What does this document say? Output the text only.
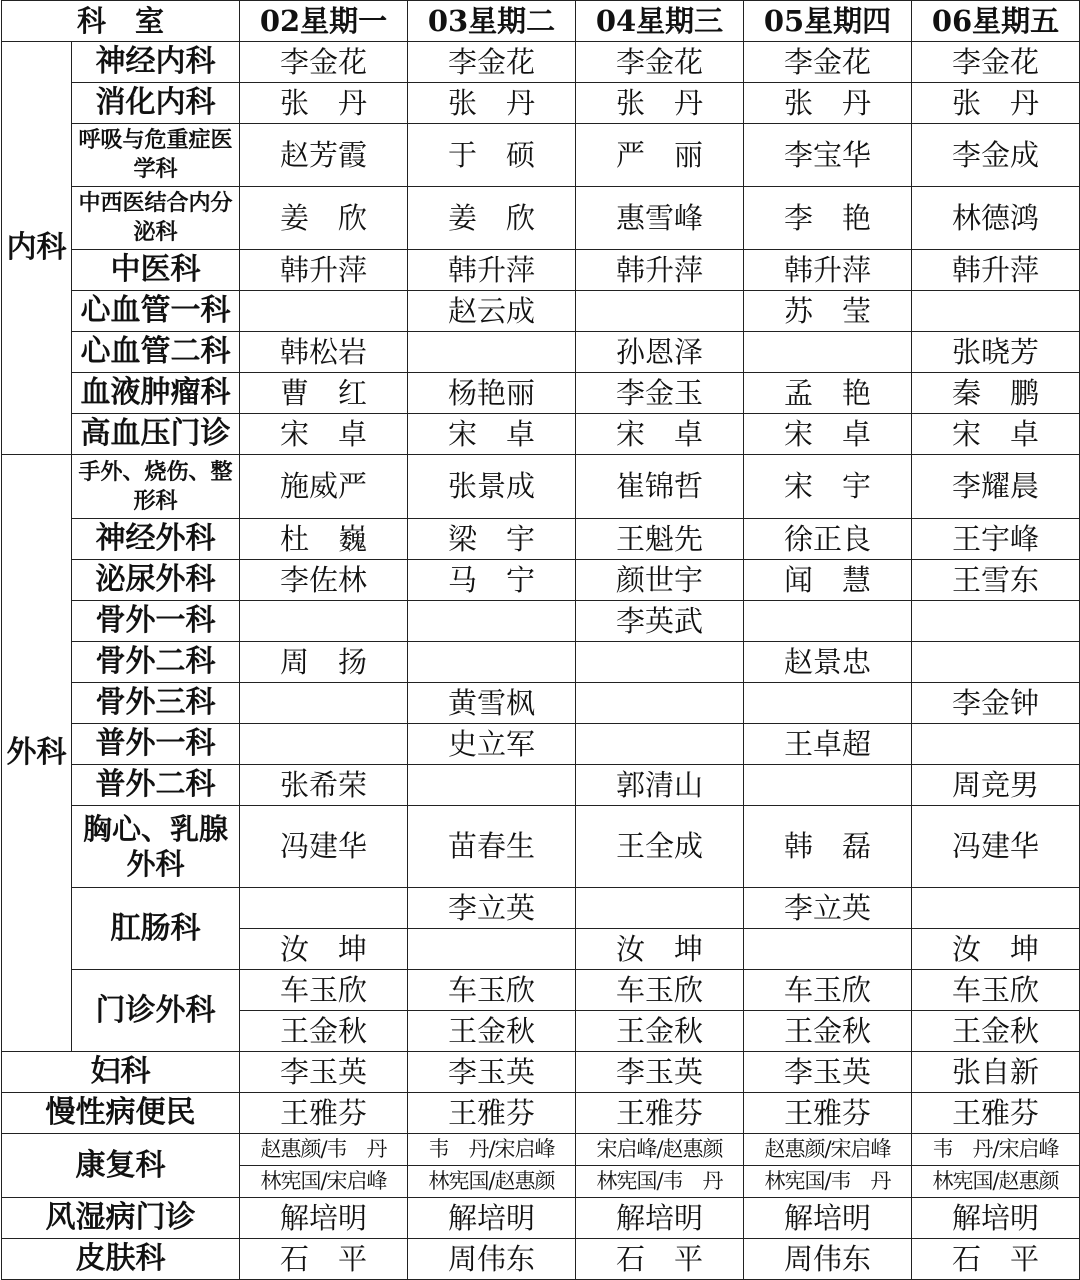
科　室		02星期一	03星期二	04星期三	05星期四	06星期五
内科	神经内科	李金花	李金花	李金花	李金花	李金花
	消化内科	张　丹	张　丹	张　丹	张　丹	张　丹
	呼吸与危重症医学科	赵芳霞	于　硕	严　丽	李宝华	李金成
	中西医结合内分泌科	姜　欣	姜　欣	惠雪峰	李　艳	林德鸿
	中医科	韩升萍	韩升萍	韩升萍	韩升萍	韩升萍
	心血管一科		赵云成		苏　莹	
	心血管二科	韩松岩		孙恩泽		张晓芳
	血液肿瘤科	曹　红	杨艳丽	李金玉	孟　艳	秦　鹏
	高血压门诊	宋　卓	宋　卓	宋　卓	宋　卓	宋　卓
外科	手外、烧伤、整形科	施威严	张景成	崔锦哲	宋　宇	李耀晨
	神经外科	杜　巍	梁　宇	王魁先	徐正良	王宇峰
	泌尿外科	李佐林	马　宁	颜世宇	闻　慧	王雪东
	骨外一科			李英武		
	骨外二科	周　扬			赵景忠	
	骨外三科		黄雪枫			李金钟
	普外一科		史立军		王卓超	
	普外二科	张希荣		郭清山		周竞男
	胸心、乳腺外科	冯建华	苗春生	王全成	韩　磊	冯建华
	肛肠科		李立英		李立英	
		汝　坤		汝　坤		汝　坤
	门诊外科	车玉欣	车玉欣	车玉欣	车玉欣	车玉欣
		王金秋	王金秋	王金秋	王金秋	王金秋
妇科		李玉英	李玉英	李玉英	李玉英	张自新
慢性病便民		王雅芬	王雅芬	王雅芬	王雅芬	王雅芬
康复科		赵惠颜/韦　丹	韦　丹/宋启峰	宋启峰/赵惠颜	赵惠颜/宋启峰	韦　丹/宋启峰
		林宪国/宋启峰	林宪国/赵惠颜	林宪国/韦　丹	林宪国/韦　丹	林宪国/赵惠颜
风湿病门诊		解培明	解培明	解培明	解培明	解培明
皮肤科		石　平	周伟东	石　平	周伟东	石　平
